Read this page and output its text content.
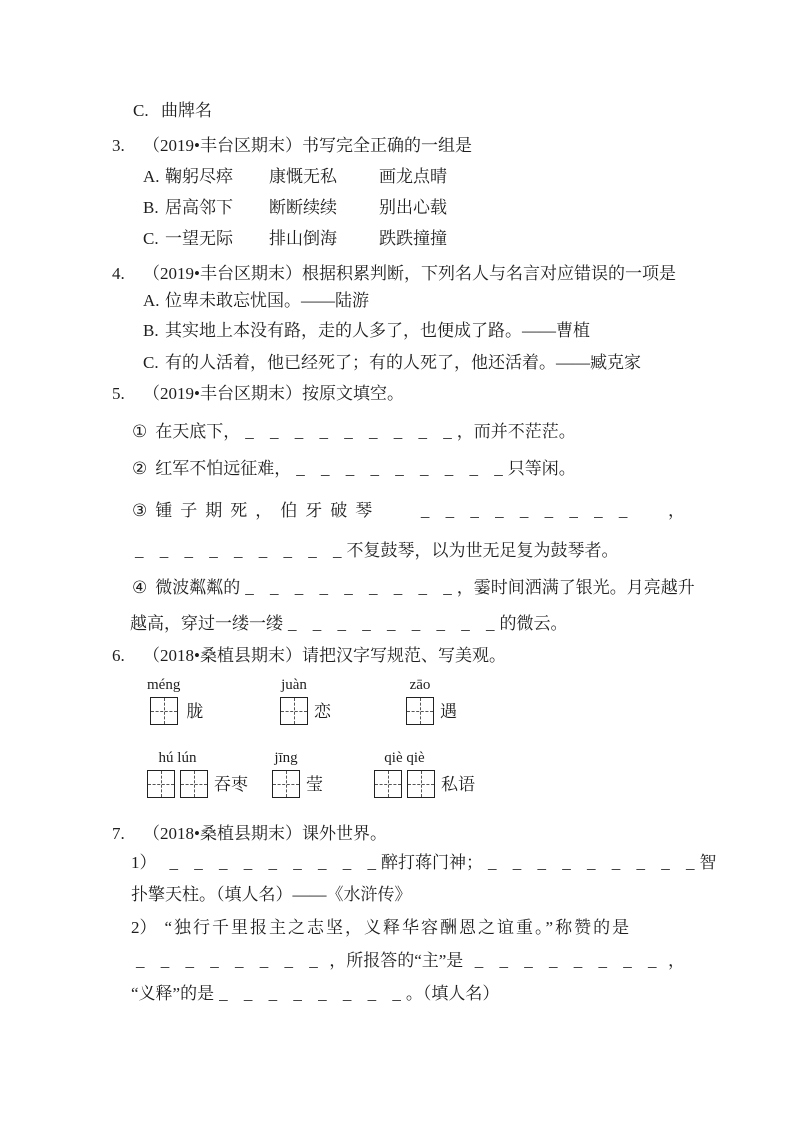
C. 曲牌名
3. （2019•丰台区期末）书写完全正确的一组是
A. 鞠躬尽瘁 康慨无私 画龙点晴
B. 居高邻下 断断续续 别出心载
C. 一望无际 排山倒海 跌跌撞撞
4. （2019•丰台区期末）根据积累判断，下列名人与名言对应错误的一项是
A. 位卑未敢忘忧国。——陆游
B. 其实地上本没有路，走的人多了，也便成了路。——曹植
C. 有的人活着，他已经死了；有的人死了，他还活着。——臧克家
5. （2019•丰台区期末）按原文填空。
① 在天底下， _ _ _ _ _ _ _ _ _ ，而并不茫茫。
② 红军不怕远征难， _ _ _ _ _ _ _ _ _ 只等闲。
③ 锺子期死，伯牙破琴 _ _ _ _ _ _ _ _ _ ，
_ _ _ _ _ _ _ _ _ 不复鼓琴，以为世无足复为鼓琴者。
④ 微波粼粼的 _ _ _ _ _ _ _ _ _ ，霎时间洒满了银光。月亮越升
越高，穿过一缕一缕 _ _ _ _ _ _ _ _ _ 的微云。
6. （2018•桑植县期末）请把汉字写规范、写美观。
méng
胧
juàn
恋
zāo
遇
hú lún
吞枣
jīng
莹
qiè qiè
私语
7. （2018•桑植县期末）课外世界。
1） _ _ _ _ _ _ _ _ _ 醉打蒋门神； _ _ _ _ _ _ _ _ _ 智
扑擎天柱。（填人名）——《水浒传》
2） “独行千里报主之志坚，义释华容酬恩之谊重。”称赞的是
_ _ _ _ _ _ _ _ ，所报答的“主”是 _ _ _ _ _ _ _ _ ，
“义释”的是 _ _ _ _ _ _ _ _ 。（填人名）
